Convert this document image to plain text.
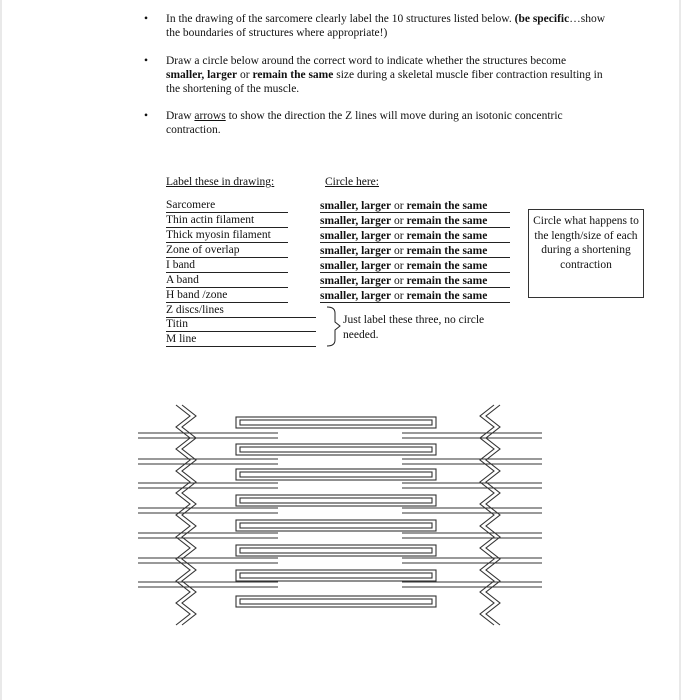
• In the drawing of the sarcomere clearly label the 10 structures listed below. (be specific…show the boundaries of structures where appropriate!)
• Draw a circle below around the correct word to indicate whether the structures become smaller, larger or remain the same size during a skeletal muscle fiber contraction resulting in the shortening of the muscle.
• Draw arrows to show the direction the Z lines will move during an isotonic concentric contraction.
Label these in drawing:	Circle here:
Sarcomere
Thin actin filament
Thick myosin filament
Zone of overlap
I band
A band
H band /zone
Z discs/lines
Titin
M line
smaller, larger or remain the same
smaller, larger or remain the same
smaller, larger or remain the same
smaller, larger or remain the same
smaller, larger or remain the same
smaller, larger or remain the same
smaller, larger or remain the same
Circle what happens to the length/size of each during a shortening contraction
Just label these three, no circle needed.
